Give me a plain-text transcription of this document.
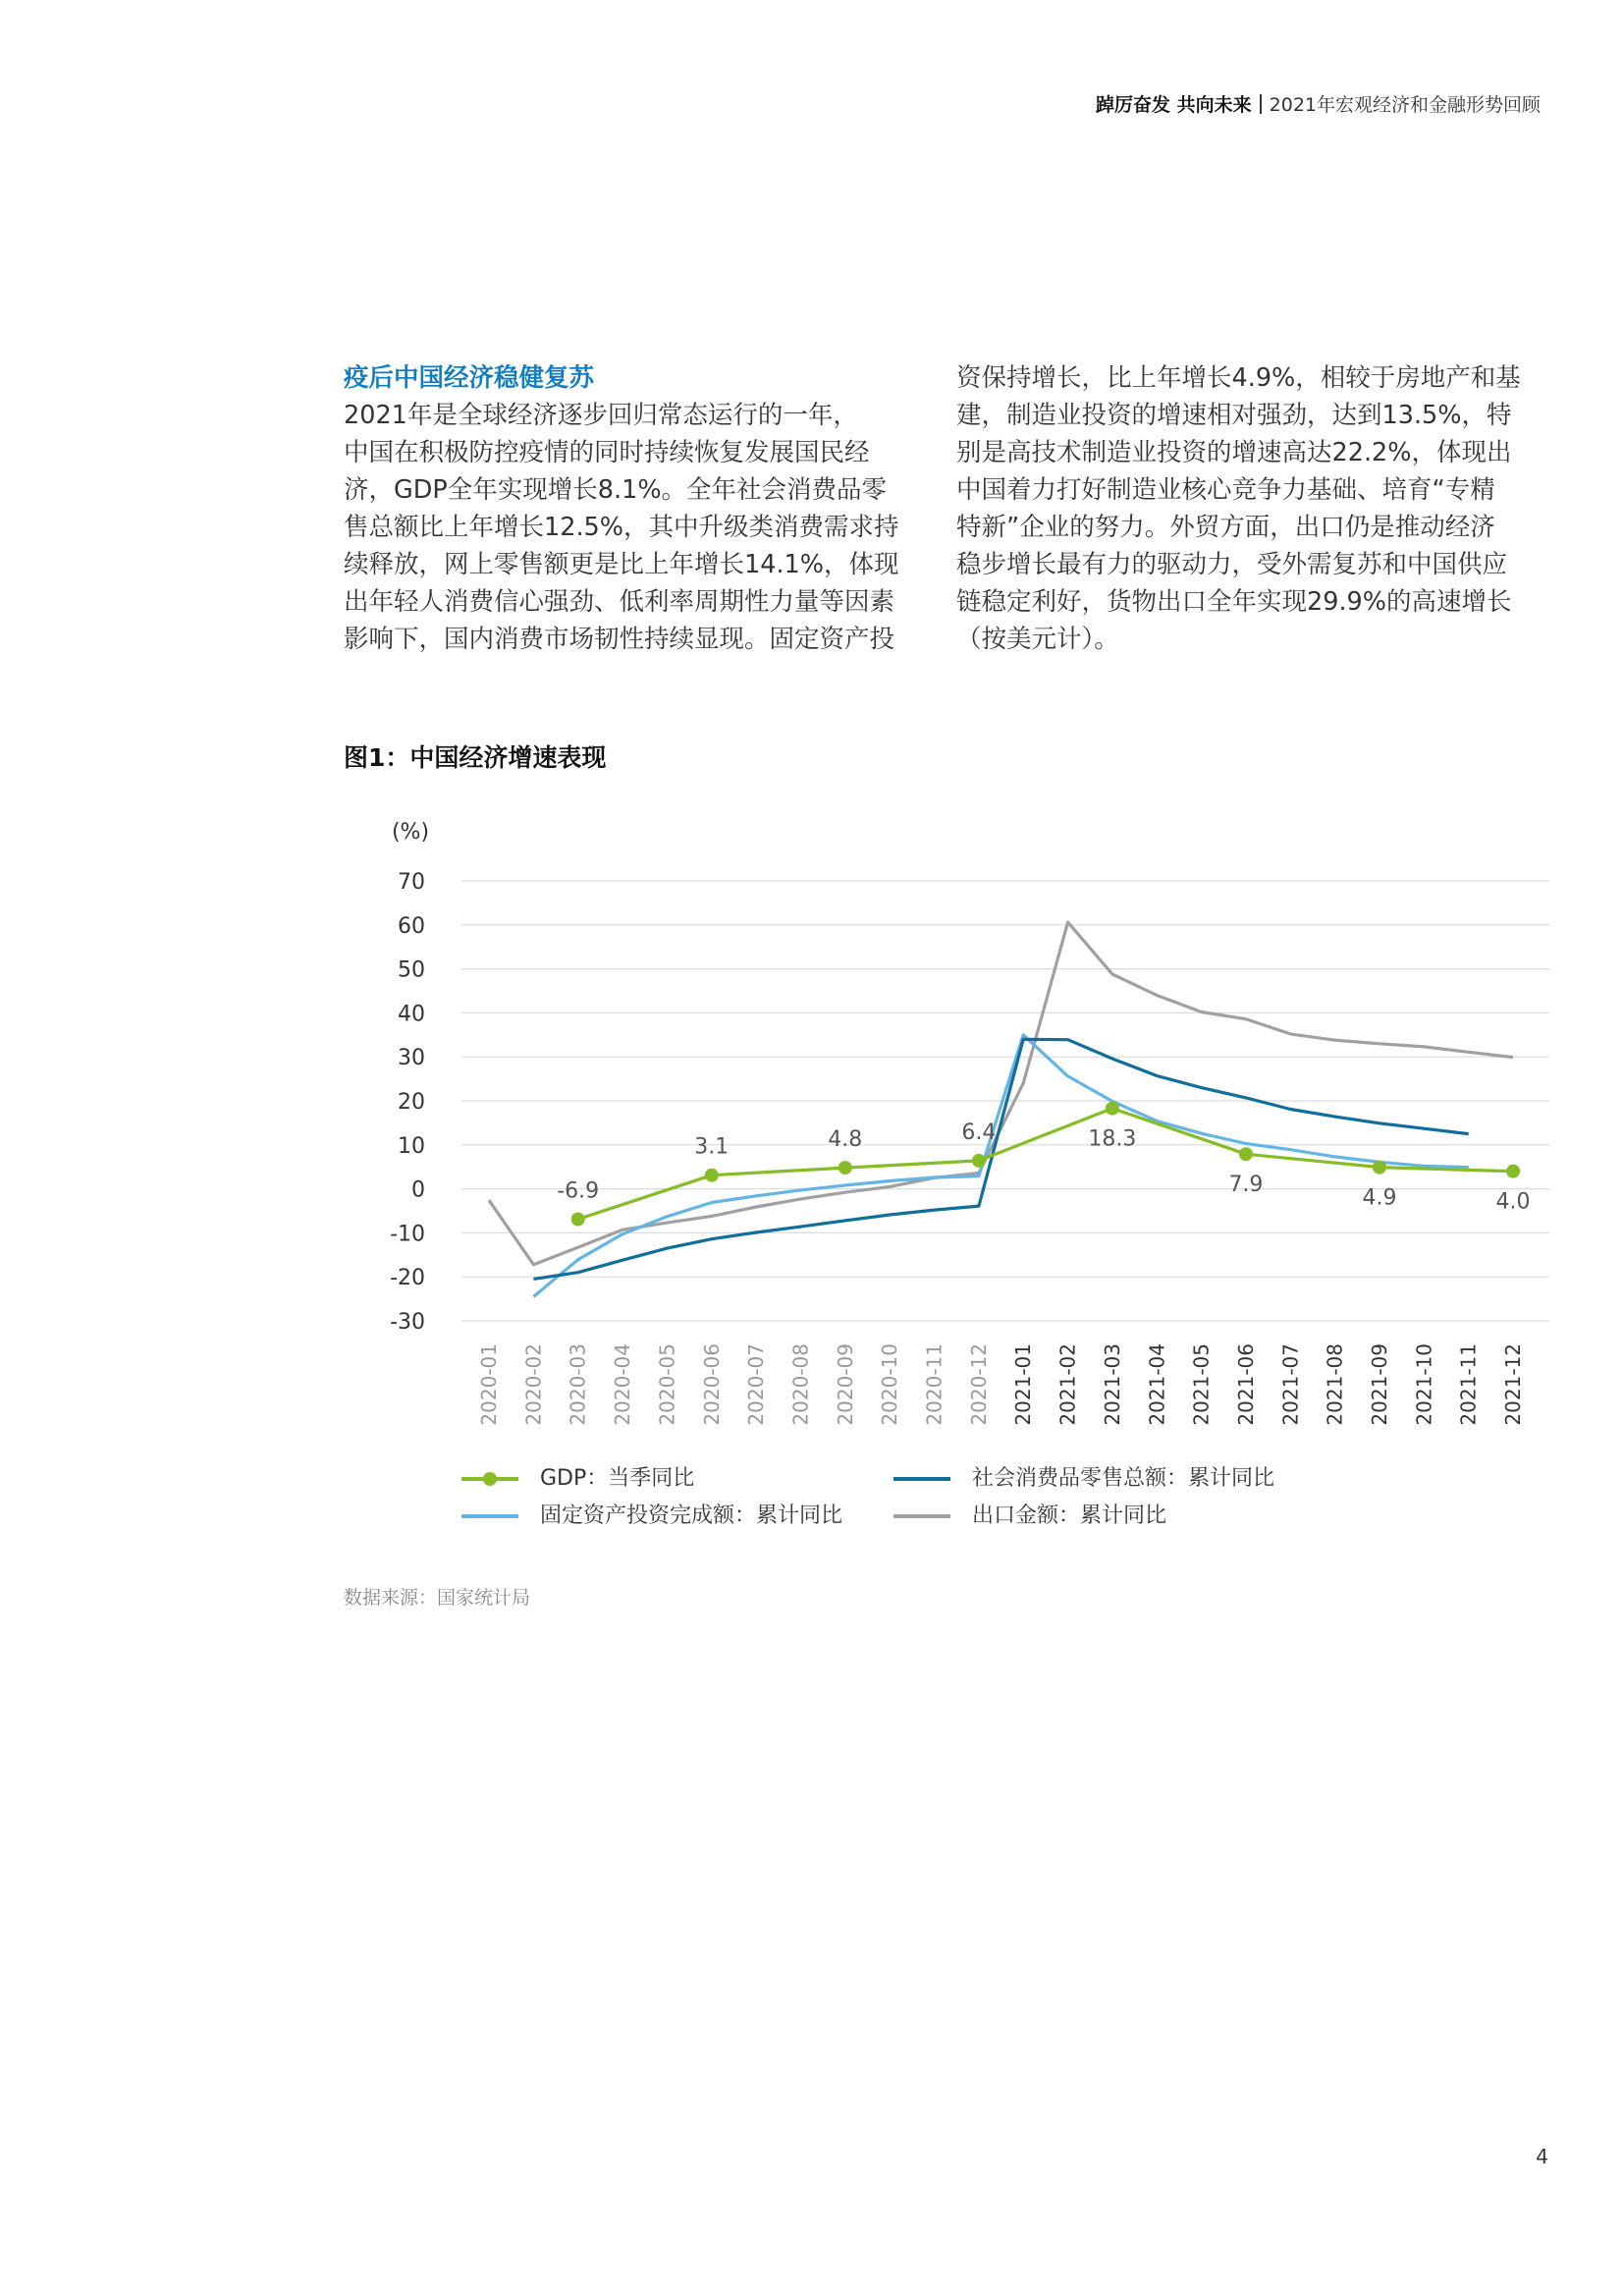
踔厉奋发 共向未来 2021年宏观经济和金融形势回顾
疫后中国经济稳健复苏

2021年是全球经济逐步回归常态运行的一年，

中国在积极防控疫情的同时持续恢复发展国民经

济，GDP全年实现增长8.1%。全年社会消费品零

售总额比上年增长12.5%，其中升级类消费需求持

续释放，网上零售额更是比上年增长14.1%，体现

出年轻人消费信心强劲、低利率周期性力量等因素

影响下，国内消费市场韧性持续显现。固定资产投

资保持增长，比上年增长4.9%，相较于房地产和基

建，制造业投资的增速相对强劲，达到13.5%，特

别是高技术制造业投资的增速高达22.2%，体现出

中国着力打好制造业核心竞争力基础、培育“专精

特新”企业的努力。外贸方面，出口仍是推动经济

稳步增长最有力的驱动力，受外需复苏和中国供应

链稳定利好，货物出口全年实现29.9%的高速增长

（按美元计）。

图1：中国经济增速表现
(%)
70
60
50
40
30
20
10
0
-10
-20
-30
2020-01 2020-02 2020-03 2020-04 2020-05 2020-06 2020-07 2020-08 2020-09 2020-10 2020-11 2020-12 2021-01 2021-02 2021-03 2021-04 2021-05 2021-06 2021-07 2021-08 2021-09 2021-10 2021-11 2021-12
-6.9
3.1	4.8	6.4	18.3
7.9
4.9	4.0
GDP：当季同比	社会消费品零售总额：累计同比
固定资产投资完成额：累计同比	出口金额：累计同比
数据来源：国家统计局
4
